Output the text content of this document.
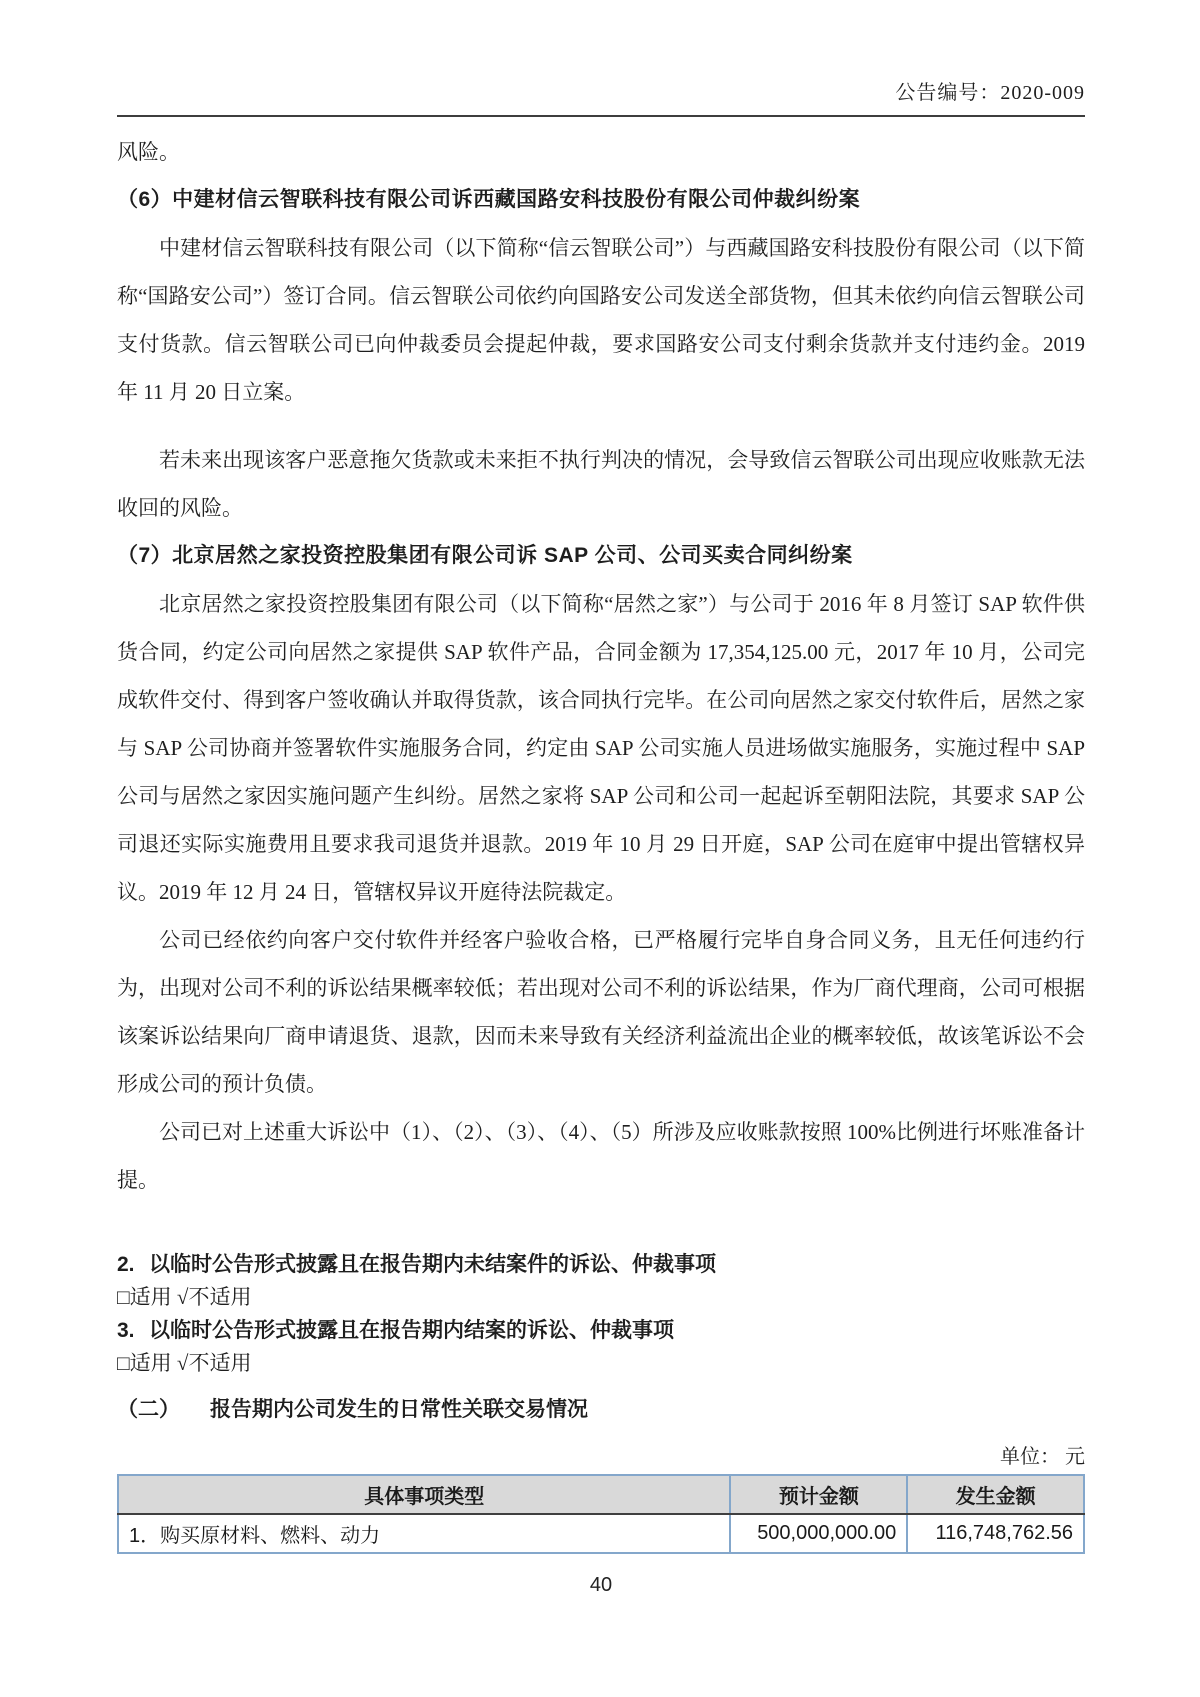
公告编号：2020-009

风险。

（6）中建材信云智联科技有限公司诉西藏国路安科技股份有限公司仲裁纠纷案

中建材信云智联科技有限公司（以下简称“信云智联公司”）与西藏国路安科技股份有限公司（以下简称“国路安公司”）签订合同。信云智联公司依约向国路安公司发送全部货物，但其未依约向信云智联公司支付货款。信云智联公司已向仲裁委员会提起仲裁，要求国路安公司支付剩余货款并支付违约金。2019 年 11 月 20 日立案。

若未来出现该客户恶意拖欠货款或未来拒不执行判决的情况，会导致信云智联公司出现应收账款无法收回的风险。

（7）北京居然之家投资控股集团有限公司诉 SAP 公司、公司买卖合同纠纷案

北京居然之家投资控股集团有限公司（以下简称“居然之家”）与公司于 2016 年 8 月签订 SAP 软件供货合同，约定公司向居然之家提供 SAP 软件产品，合同金额为 17,354,125.00 元，2017 年 10 月，公司完成软件交付、得到客户签收确认并取得货款，该合同执行完毕。在公司向居然之家交付软件后，居然之家与 SAP 公司协商并签署软件实施服务合同，约定由 SAP 公司实施人员进场做实施服务，实施过程中 SAP 公司与居然之家因实施问题产生纠纷。居然之家将 SAP 公司和公司一起起诉至朝阳法院，其要求 SAP 公司退还实际实施费用且要求我司退货并退款。2019 年 10 月 29 日开庭，SAP 公司在庭审中提出管辖权异议。2019 年 12 月 24 日，管辖权异议开庭待法院裁定。

公司已经依约向客户交付软件并经客户验收合格，已严格履行完毕自身合同义务，且无任何违约行为，出现对公司不利的诉讼结果概率较低；若出现对公司不利的诉讼结果，作为厂商代理商，公司可根据该案诉讼结果向厂商申请退货、退款，因而未来导致有关经济利益流出企业的概率较低，故该笔诉讼不会形成公司的预计负债。

公司已对上述重大诉讼中（1）、（2）、（3）、（4）、（5）所涉及应收账款按照 100%比例进行坏账准备计提。

2. 以临时公告形式披露且在报告期内未结案件的诉讼、仲裁事项
□适用 √不适用
3. 以临时公告形式披露且在报告期内结案的诉讼、仲裁事项
□适用 √不适用
（二） 报告期内公司发生的日常性关联交易情况
单位： 元
具体事项类型	预计金额	发生金额
1．购买原材料、燃料、动力	500,000,000.00	116,748,762.56
40
